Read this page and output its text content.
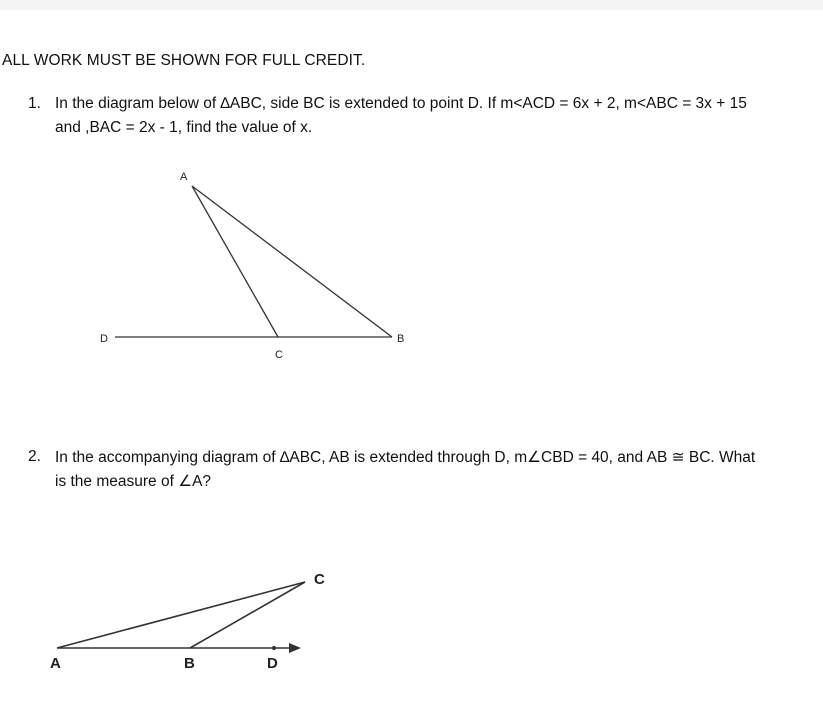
ALL WORK MUST BE SHOWN FOR FULL CREDIT.
1. In the diagram below of ∆ABC, side BC is extended to point D. If m<ACD = 6x + 2, m<ABC = 3x + 15
and ,BAC = 2x - 1, find the value of x.
A
B
C
D
2. In the accompanying diagram of ∆ABC, AB is extended through D, m∠CBD = 40, and AB ≅ BC. What
is the measure of ∠A?
A	B
C
D
